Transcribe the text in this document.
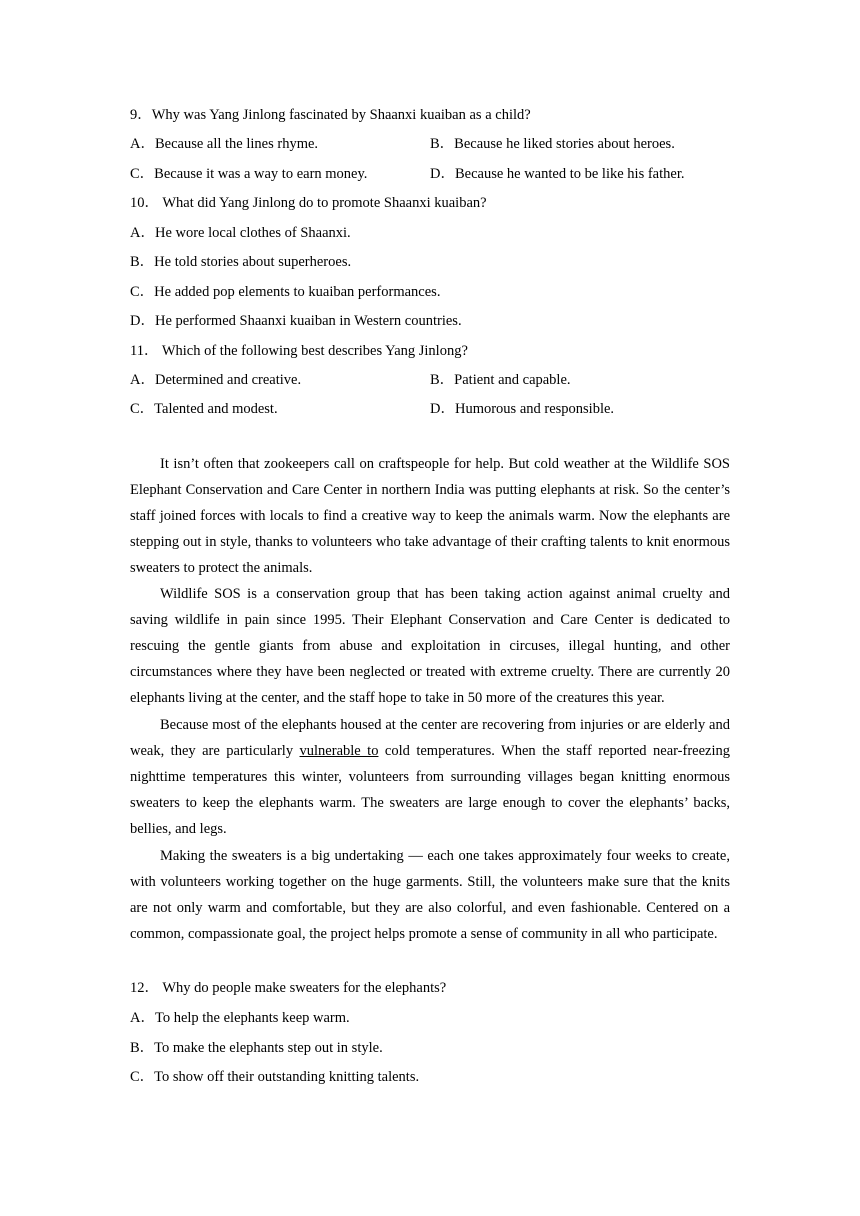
9．Why was Yang Jinlong fascinated by Shaanxi kuaiban as a child?
A．Because all the lines rhyme.	B．Because he liked stories about heroes.
C．Because it was a way to earn money.	D．Because he wanted to be like his father.
10． What did Yang Jinlong do to promote Shaanxi kuaiban?
A．He wore local clothes of Shaanxi.
B．He told stories about superheroes.
C．He added pop elements to kuaiban performances.
D．He performed Shaanxi kuaiban in Western countries.
11． Which of the following best describes Yang Jinlong?
A．Determined and creative.	B．Patient and capable.
C．Talented and modest.	D．Humorous and responsible.
It isn’t often that zookeepers call on craftspeople for help. But cold weather at the Wildlife SOS Elephant Conservation and Care Center in northern India was putting elephants at risk. So the center’s staff joined forces with locals to find a creative way to keep the animals warm. Now the elephants are stepping out in style, thanks to volunteers who take advantage of their crafting talents to knit enormous sweaters to protect the animals.
Wildlife SOS is a conservation group that has been taking action against animal cruelty and saving wildlife in pain since 1995. Their Elephant Conservation and Care Center is dedicated to rescuing the gentle giants from abuse and exploitation in circuses, illegal hunting, and other circumstances where they have been neglected or treated with extreme cruelty. There are currently 20 elephants living at the center, and the staff hope to take in 50 more of the creatures this year.
Because most of the elephants housed at the center are recovering from injuries or are elderly and weak, they are particularly vulnerable to cold temperatures. When the staff reported near-freezing nighttime temperatures this winter, volunteers from surrounding villages began knitting enormous sweaters to keep the elephants warm. The sweaters are large enough to cover the elephants’ backs, bellies, and legs.
Making the sweaters is a big undertaking — each one takes approximately four weeks to create, with volunteers working together on the huge garments. Still, the volunteers make sure that the knits are not only warm and comfortable, but they are also colorful, and even fashionable. Centered on a common, compassionate goal, the project helps promote a sense of community in all who participate.
12． Why do people make sweaters for the elephants?
A．To help the elephants keep warm.
B．To make the elephants step out in style.
C．To show off their outstanding knitting talents.
